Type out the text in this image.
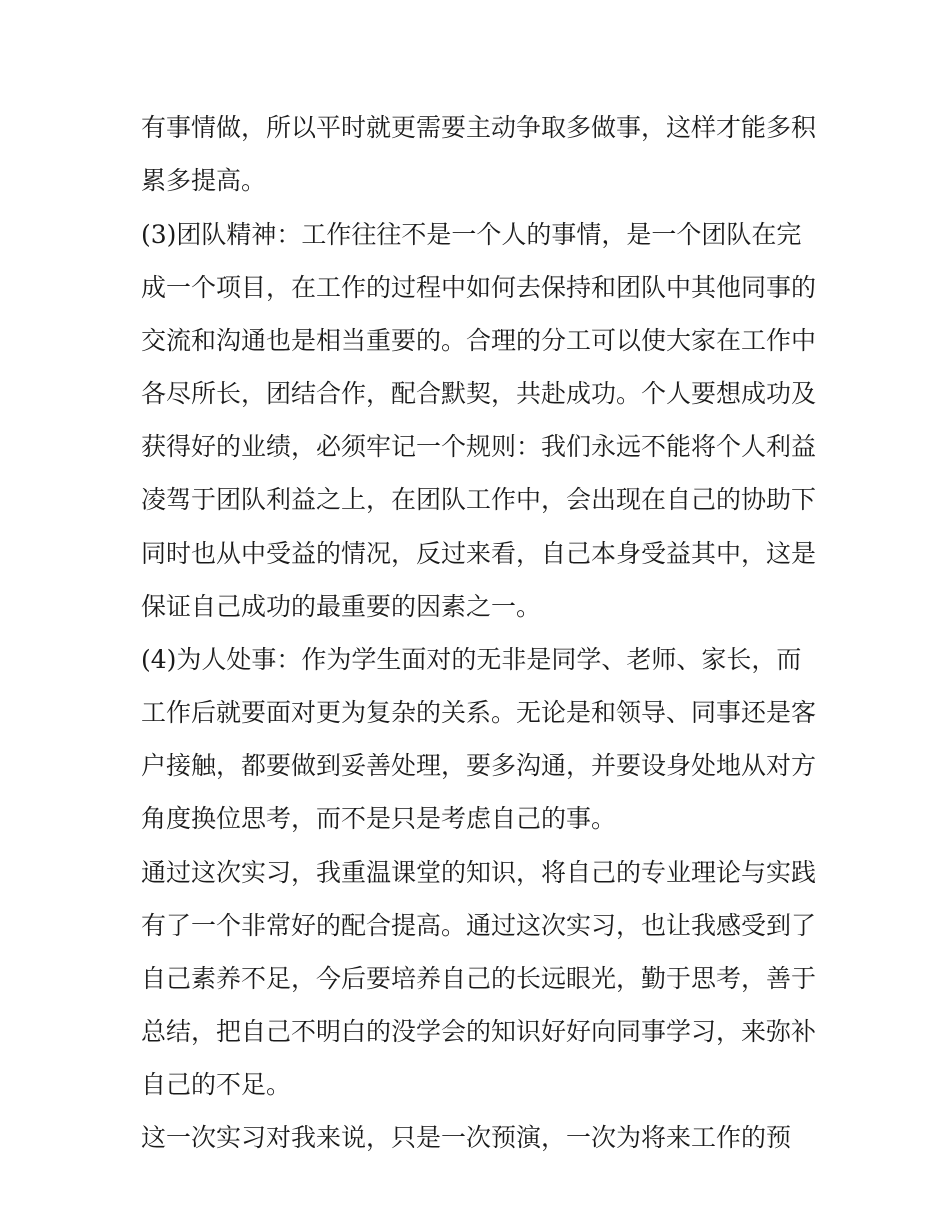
有事情做，所以平时就更需要主动争取多做事，这样才能多积
累多提高。
(3)团队精神：工作往往不是一个人的事情，是一个团队在完
成一个项目，在工作的过程中如何去保持和团队中其他同事的
交流和沟通也是相当重要的。合理的分工可以使大家在工作中
各尽所长，团结合作，配合默契，共赴成功。个人要想成功及
获得好的业绩，必须牢记一个规则：我们永远不能将个人利益
凌驾于团队利益之上，在团队工作中，会出现在自己的协助下
同时也从中受益的情况，反过来看，自己本身受益其中，这是
保证自己成功的最重要的因素之一。
(4)为人处事：作为学生面对的无非是同学、老师、家长，而
工作后就要面对更为复杂的关系。无论是和领导、同事还是客
户接触，都要做到妥善处理，要多沟通，并要设身处地从对方
角度换位思考，而不是只是考虑自己的事。
通过这次实习，我重温课堂的知识，将自己的专业理论与实践
有了一个非常好的配合提高。通过这次实习，也让我感受到了
自己素养不足，今后要培养自己的长远眼光，勤于思考，善于
总结，把自己不明白的没学会的知识好好向同事学习，来弥补
自己的不足。
这一次实习对我来说，只是一次预演，一次为将来工作的预
